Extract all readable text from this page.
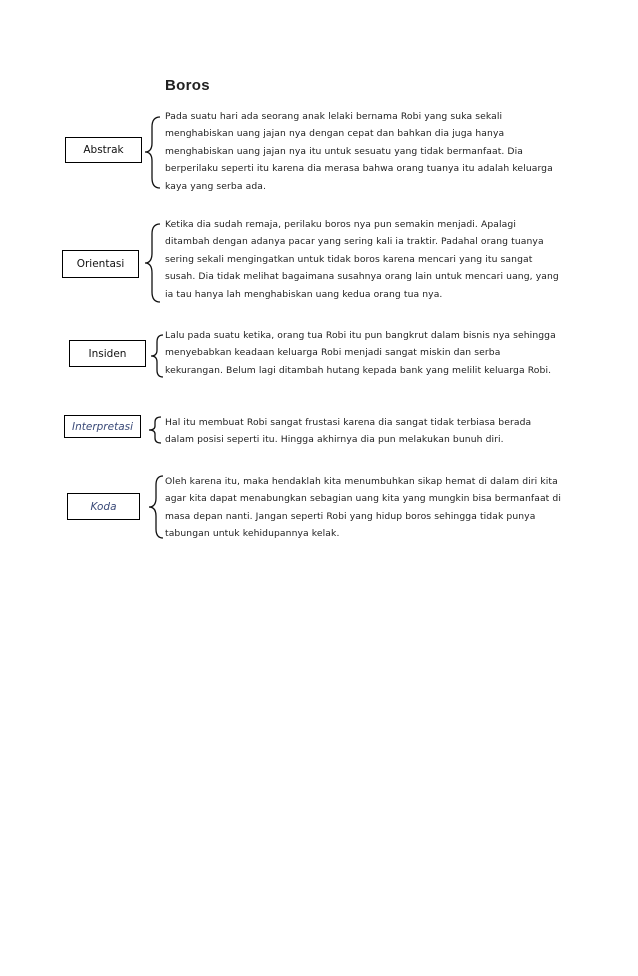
Boros
Abstrak
Pada suatu hari ada seorang anak lelaki bernama Robi yang suka sekali
menghabiskan uang jajan nya dengan cepat dan bahkan dia juga hanya
menghabiskan uang jajan nya itu untuk sesuatu yang tidak bermanfaat. Dia
berperilaku seperti itu karena dia merasa bahwa orang tuanya itu adalah keluarga
kaya yang serba ada.
Orientasi
Ketika dia sudah remaja, perilaku boros nya pun semakin menjadi. Apalagi
ditambah dengan adanya pacar yang sering kali ia traktir. Padahal orang tuanya
sering sekali mengingatkan untuk tidak boros karena mencari yang itu sangat
susah. Dia tidak melihat bagaimana susahnya orang lain untuk mencari uang, yang
ia tau hanya lah menghabiskan uang kedua orang tua nya.
Insiden
Lalu pada suatu ketika, orang tua Robi itu pun bangkrut dalam bisnis nya sehingga
menyebabkan keadaan keluarga Robi menjadi sangat miskin dan serba
kekurangan. Belum lagi ditambah hutang kepada bank yang melilit keluarga Robi.
Interpretasi	Hal itu membuat Robi sangat frustasi karena dia sangat tidak terbiasa berada
dalam posisi seperti itu. Hingga akhirnya dia pun melakukan bunuh diri.
Koda
Oleh karena itu, maka hendaklah kita menumbuhkan sikap hemat di dalam diri kita
agar kita dapat menabungkan sebagian uang kita yang mungkin bisa bermanfaat di
masa depan nanti. Jangan seperti Robi yang hidup boros sehingga tidak punya
tabungan untuk kehidupannya kelak.
